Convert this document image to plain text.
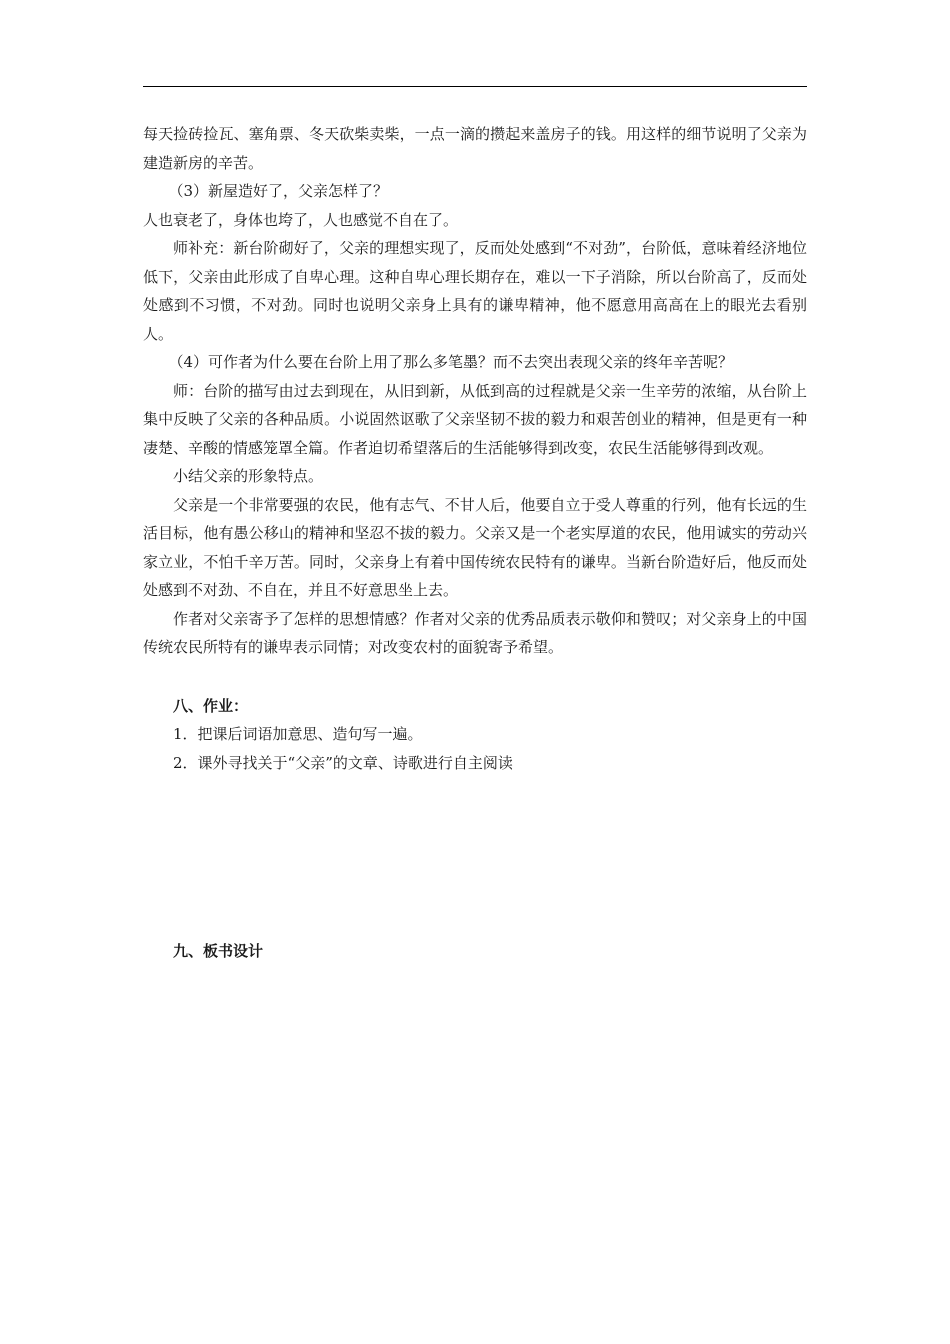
每天捡砖捡瓦、塞角票、冬天砍柴卖柴，一点一滴的攒起来盖房子的钱。用这样的细节说明了父亲为建造新房的辛苦。

（3）新屋造好了，父亲怎样了？

人也衰老了，身体也垮了，人也感觉不自在了。

师补充：新台阶砌好了，父亲的理想实现了，反而处处感到“不对劲”，台阶低，意味着经济地位低下，父亲由此形成了自卑心理。这种自卑心理长期存在，难以一下子消除，所以台阶高了，反而处处感到不习惯，不对劲。同时也说明父亲身上具有的谦卑精神，他不愿意用高高在上的眼光去看别人。

（4）可作者为什么要在台阶上用了那么多笔墨？而不去突出表现父亲的终年辛苦呢？

师：台阶的描写由过去到现在，从旧到新，从低到高的过程就是父亲一生辛劳的浓缩，从台阶上集中反映了父亲的各种品质。小说固然讴歌了父亲坚韧不拔的毅力和艰苦创业的精神，但是更有一种凄楚、辛酸的情感笼罩全篇。作者迫切希望落后的生活能够得到改变，农民生活能够得到改观。

小结父亲的形象特点。

父亲是一个非常要强的农民，他有志气、不甘人后，他要自立于受人尊重的行列，他有长远的生活目标，他有愚公移山的精神和坚忍不拔的毅力。父亲又是一个老实厚道的农民，他用诚实的劳动兴家立业，不怕千辛万苦。同时，父亲身上有着中国传统农民特有的谦卑。当新台阶造好后，他反而处处感到不对劲、不自在，并且不好意思坐上去。

作者对父亲寄予了怎样的思想情感？作者对父亲的优秀品质表示敬仰和赞叹；对父亲身上的中国传统农民所特有的谦卑表示同情；对改变农村的面貌寄予希望。

八、作业：

1．把课后词语加意思、造句写一遍。

2．课外寻找关于“父亲”的文章、诗歌进行自主阅读

九、板书设计
